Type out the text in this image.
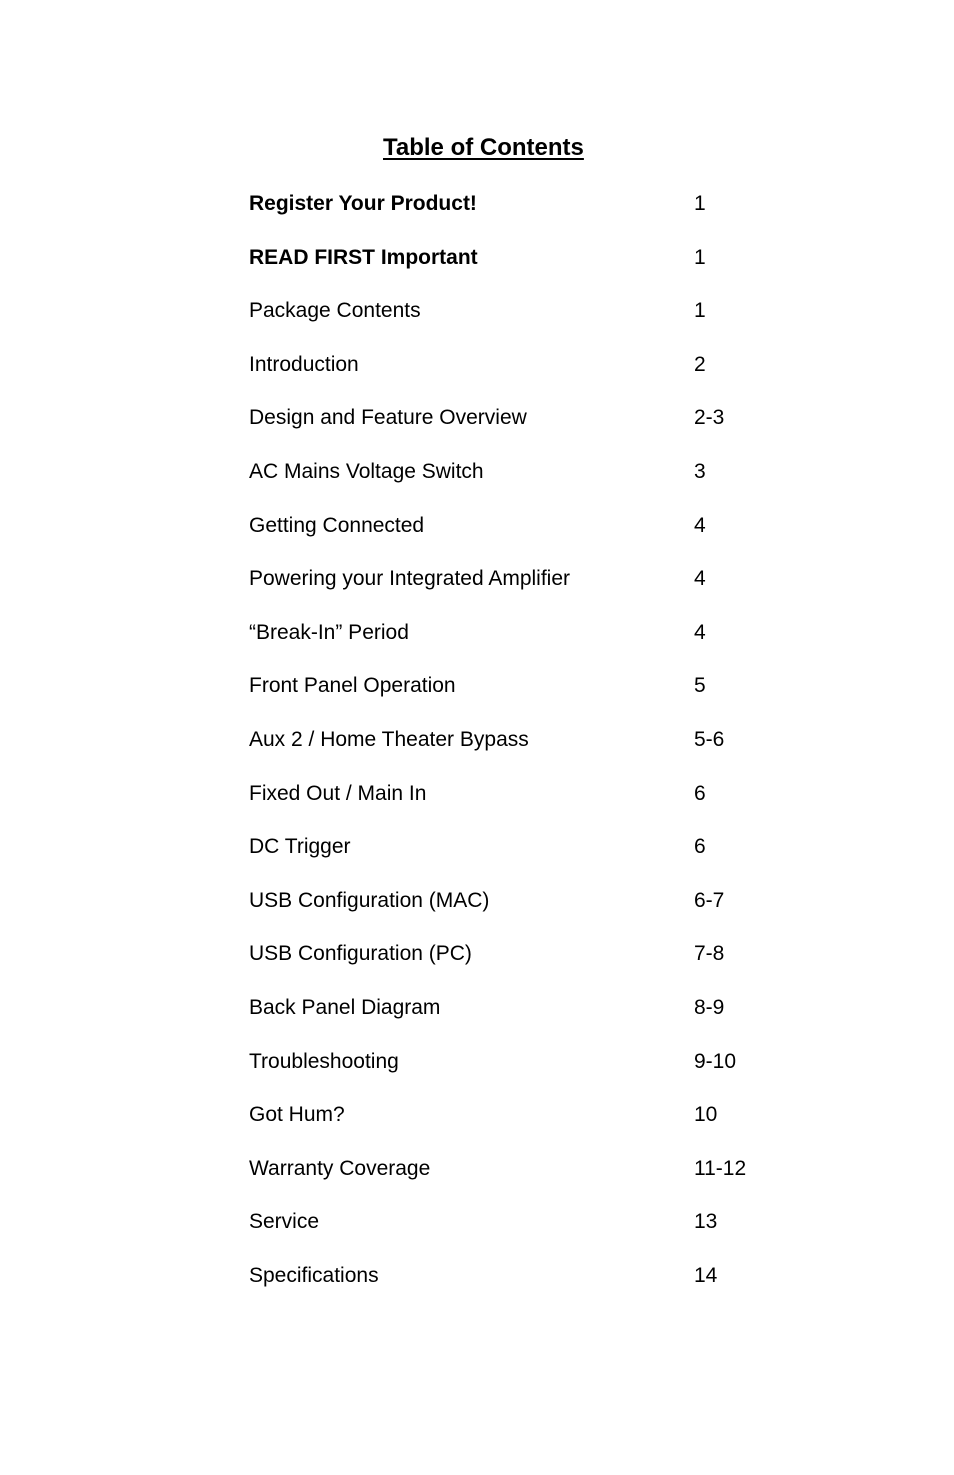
Table of Contents
Register Your Product!	1
READ FIRST Important	1
Package Contents	1
Introduction	2
Design and Feature Overview	2-3
AC Mains Voltage Switch	3
Getting Connected	4
Powering your Integrated Amplifier	4
“Break-In” Period	4
Front Panel Operation	5
Aux 2 / Home Theater Bypass	5-6
Fixed Out / Main In	6
DC Trigger	6
USB Configuration (MAC)	6-7
USB Configuration (PC)	7-8
Back Panel Diagram	8-9
Troubleshooting	9-10
Got Hum?	10
Warranty Coverage	11-12
Service	13
Specifications	14
